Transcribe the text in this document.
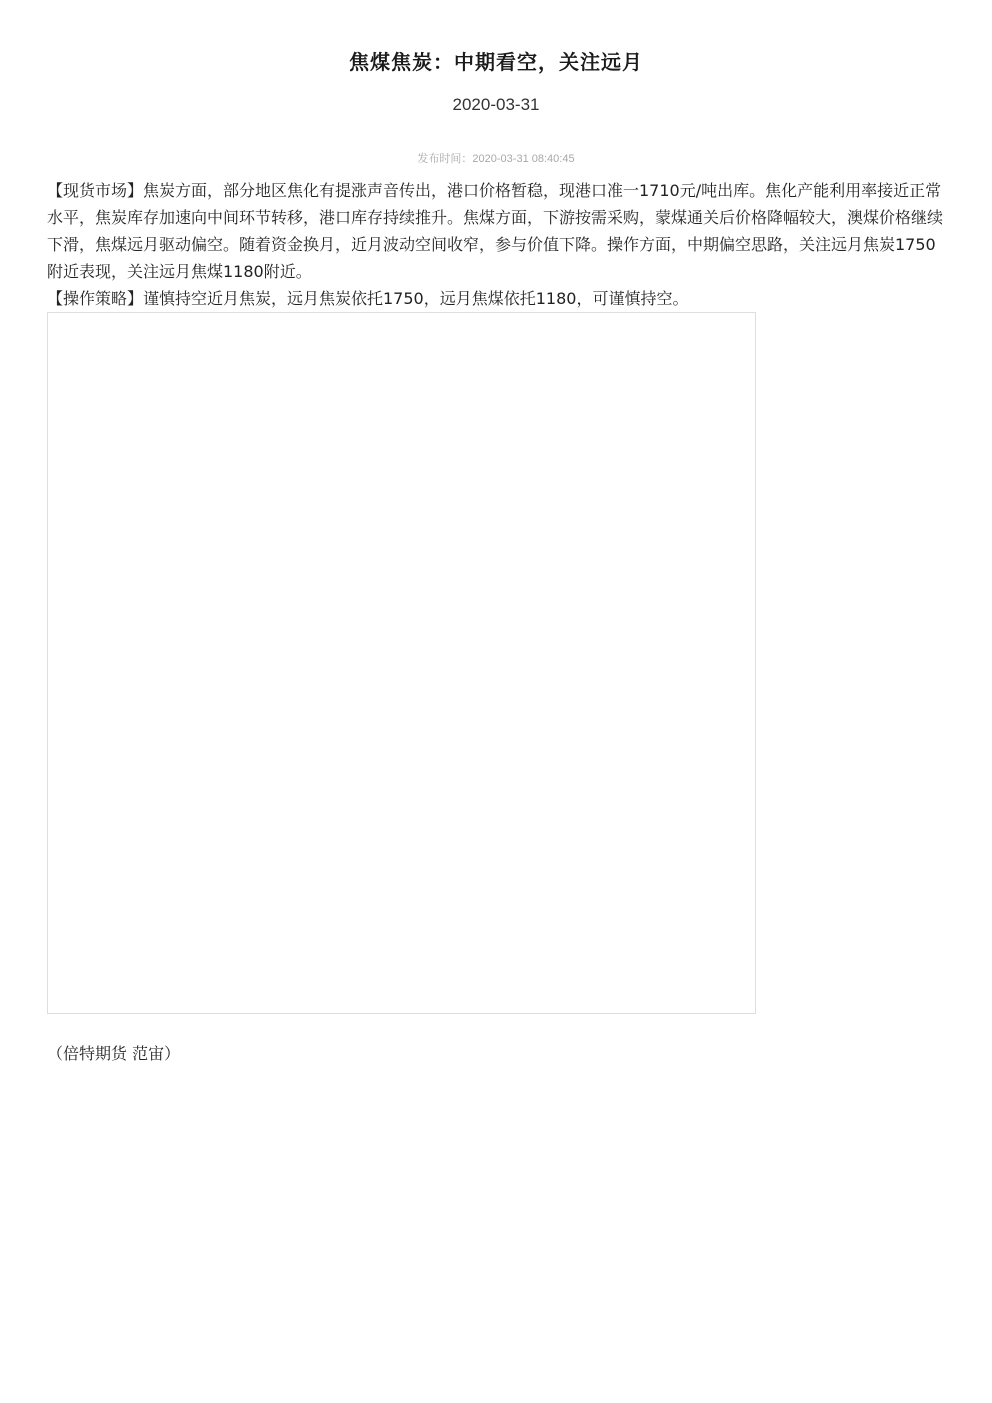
焦煤焦炭：中期看空，关注远月
2020-03-31
发布时间：2020-03-31 08:40:45

【现货市场】焦炭方面，部分地区焦化有提涨声音传出，港口价格暂稳，现港口准一1710元/吨出库。焦化产能利用率接近正常水平，焦炭库存加速向中间环节转移，港口库存持续推升。焦煤方面，下游按需采购，蒙煤通关后价格降幅较大，澳煤价格继续下滑，焦煤远月驱动偏空。随着资金换月，近月波动空间收窄，参与价值下降。操作方面，中期偏空思路，关注远月焦炭1750附近表现，关注远月焦煤1180附近。

【操作策略】谨慎持空近月焦炭，远月焦炭依托1750，远月焦煤依托1180，可谨慎持空。

（倍特期货 范宙）
